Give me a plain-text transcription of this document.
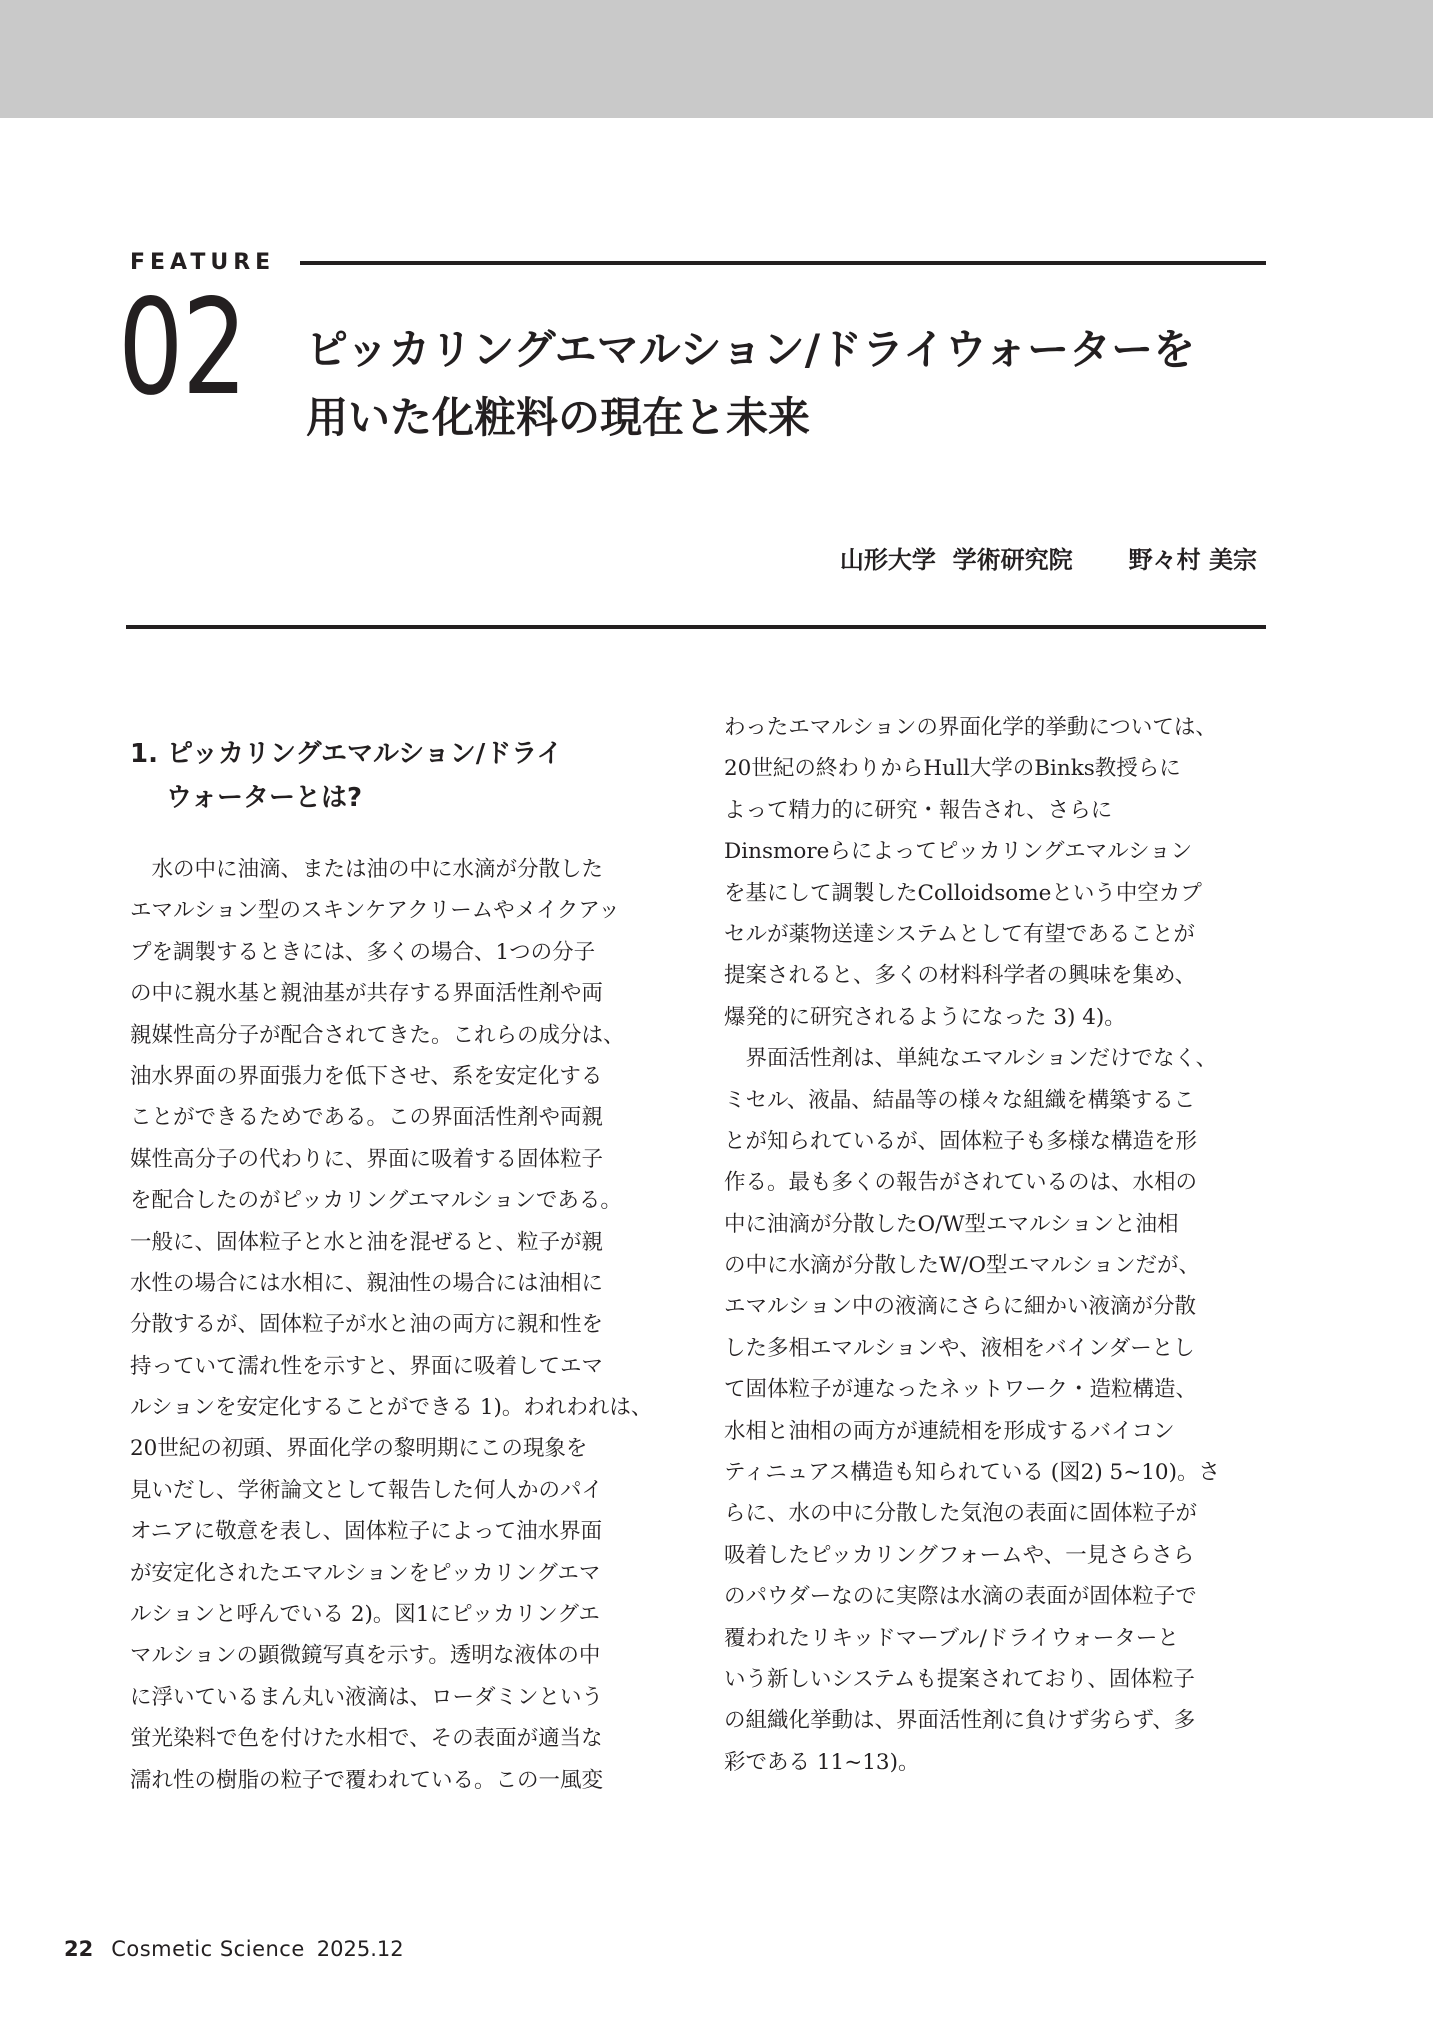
FEATURE
02 ピッカリングエマルション/ドライウォーターを
用いた化粧料の現在と未来
山形大学  学術研究院 野々村 美宗
1. ピッカリングエマルション/ドライ
ウォーターとは?
　水の中に油滴、または油の中に水滴が分散した
エマルション型のスキンケアクリームやメイクアッ
プを調製するときには、多くの場合、1つの分子
の中に親水基と親油基が共存する界面活性剤や両
親媒性高分子が配合されてきた。これらの成分は、
油水界面の界面張力を低下させ、系を安定化する
ことができるためである。この界面活性剤や両親
媒性高分子の代わりに、界面に吸着する固体粒子
を配合したのがピッカリングエマルションである。
一般に、固体粒子と水と油を混ぜると、粒子が親
水性の場合には水相に、親油性の場合には油相に
分散するが、固体粒子が水と油の両方に親和性を
持っていて濡れ性を示すと、界面に吸着してエマ
ルションを安定化することができる 1)。われわれは、
20世紀の初頭、界面化学の黎明期にこの現象を
見いだし、学術論文として報告した何人かのパイ
オニアに敬意を表し、固体粒子によって油水界面
が安定化されたエマルションをピッカリングエマ
ルションと呼んでいる 2)。図1にピッカリングエ
マルションの顕微鏡写真を示す。透明な液体の中
に浮いているまん丸い液滴は、ローダミンという
蛍光染料で色を付けた水相で、その表面が適当な
濡れ性の樹脂の粒子で覆われている。この一風変
わったエマルションの界面化学的挙動については、
20世紀の終わりからHull大学のBinks教授らに
よって精力的に研究・報告され、さらに
Dinsmoreらによってピッカリングエマルション
を基にして調製したColloidsomeという中空カプ
セルが薬物送達システムとして有望であることが
提案されると、多くの材料科学者の興味を集め、
爆発的に研究されるようになった 3) 4)。
　界面活性剤は、単純なエマルションだけでなく、
ミセル、液晶、結晶等の様々な組織を構築するこ
とが知られているが、固体粒子も多様な構造を形
作る。最も多くの報告がされているのは、水相の
中に油滴が分散したO/W型エマルションと油相
の中に水滴が分散したW/O型エマルションだが、
エマルション中の液滴にさらに細かい液滴が分散
した多相エマルションや、液相をバインダーとし
て固体粒子が連なったネットワーク・造粒構造、
水相と油相の両方が連続相を形成するバイコン
ティニュアス構造も知られている (図2) 5~10)。さ
らに、水の中に分散した気泡の表面に固体粒子が
吸着したピッカリングフォームや、一見さらさら
のパウダーなのに実際は水滴の表面が固体粒子で
覆われたリキッドマーブル/ドライウォーターと
いう新しいシステムも提案されており、固体粒子
の組織化挙動は、界面活性剤に負けず劣らず、多
彩である 11~13)。
22 Cosmetic Science 2025.12
